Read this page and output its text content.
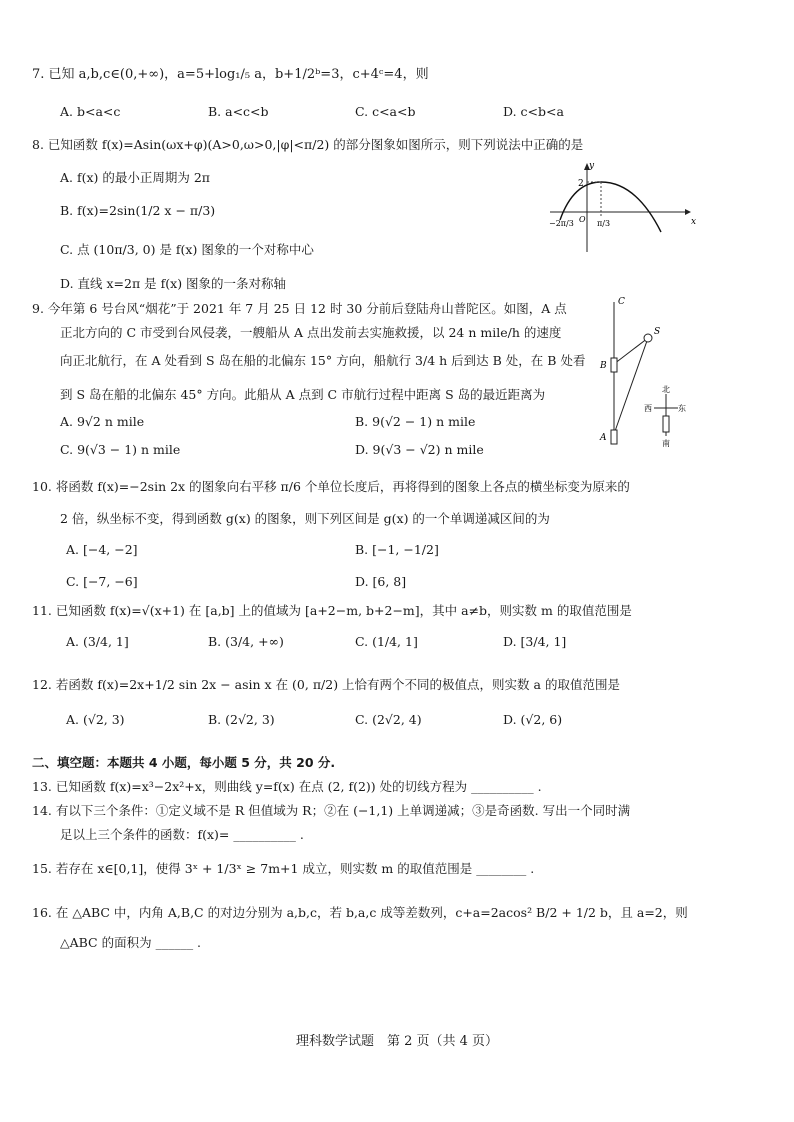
7. 已知 a,b,c∈(0,+∞)，a=5+log₁/₅ a，b+1/2ᵇ=3，c+4ᶜ=4，则
A. b<a<c	B. a<c<b	C. c<a<b	D. c<b<a
8. 已知函数 f(x)=Asin(ωx+φ)(A>0,ω>0,|φ|<π/2) 的部分图象如图所示，则下列说法中正确的是
A. f(x) 的最小正周期为 2π
B. f(x)=2sin(1/2 x − π/3)
C. 点 (10π/3, 0) 是 f(x) 图象的一个对称中心
D. 直线 x=2π 是 f(x) 图象的一条对称轴
y
x
2
O
−2π/3	π/3
9. 今年第 6 号台风“烟花”于 2021 年 7 月 25 日 12 时 30 分前后登陆舟山普陀区。如图，A 点
正北方向的 C 市受到台风侵袭，一艘船从 A 点出发前去实施救援，以 24 n mile/h 的速度
向正北航行，在 A 处看到 S 岛在船的北偏东 15° 方向，船航行 3/4 h 后到达 B 处，在 B 处看
到 S 岛在船的北偏东 45° 方向。此船从 A 点到 C 市航行过程中距离 S 岛的最近距离为
A. 9√2 n mile	B. 9(√2 − 1) n mile
C. 9(√3 − 1) n mile	D. 9(√3 − √2) n mile
C
S
B
A
北
西	东
南
10. 将函数 f(x)=−2sin 2x 的图象向右平移 π/6 个单位长度后，再将得到的图象上各点的横坐标变为原来的
2 倍，纵坐标不变，得到函数 g(x) 的图象，则下列区间是 g(x) 的一个单调递减区间的为
A. [−4, −2]	B. [−1, −1/2]
C. [−7, −6]	D. [6, 8]
11. 已知函数 f(x)=√(x+1) 在 [a,b] 上的值域为 [a+2−m, b+2−m]，其中 a≠b，则实数 m 的取值范围是
A. (3/4, 1]	B. (3/4, +∞)	C. (1/4, 1]	D. [3/4, 1]
12. 若函数 f(x)=2x+1/2 sin 2x − asin x 在 (0, π/2) 上恰有两个不同的极值点，则实数 a 的取值范围是
A. (√2, 3)	B. (2√2, 3)	C. (2√2, 4)	D. (√2, 6)
二、填空题：本题共 4 小题，每小题 5 分，共 20 分.
13. 已知函数 f(x)=x³−2x²+x，则曲线 y=f(x) 在点 (2, f(2)) 处的切线方程为 __________ .
14. 有以下三个条件：①定义域不是 R 但值域为 R；②在 (−1,1) 上单调递减；③是奇函数. 写出一个同时满
足以上三个条件的函数：f(x)= __________ .
15. 若存在 x∈[0,1]，使得 3ˣ + 1/3ˣ ≥ 7m+1 成立，则实数 m 的取值范围是 ________ .
16. 在 △ABC 中，内角 A,B,C 的对边分别为 a,b,c，若 b,a,c 成等差数列，c+a=2acos² B/2 + 1/2 b，且 a=2，则
△ABC 的面积为 ______ .
理科数学试题　第 2 页（共 4 页）
